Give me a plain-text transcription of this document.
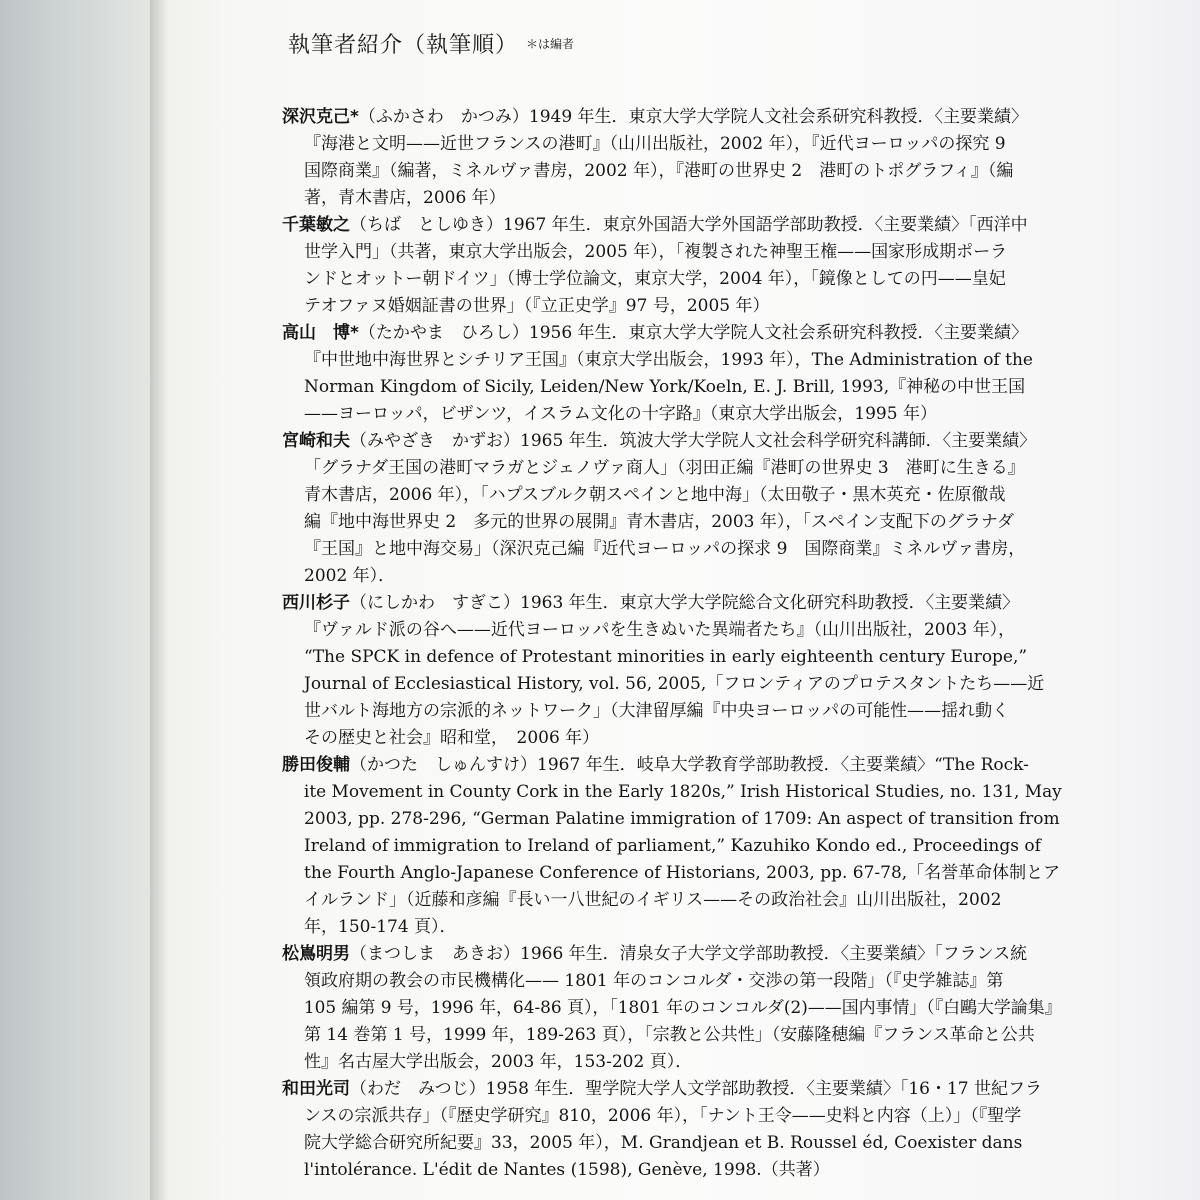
執筆者紹介（執筆順） ＊は編者
深沢克己*（ふかさわ　かつみ）1949 年生．東京大学大学院人文社会系研究科教授．〈主要業績〉
『海港と文明——近世フランスの港町』（山川出版社，2002 年），『近代ヨーロッパの探究 9
国際商業』（編著，ミネルヴァ書房，2002 年），『港町の世界史 2　港町のトポグラフィ』（編
著，青木書店，2006 年）
千葉敏之（ちば　としゆき）1967 年生．東京外国語大学外国語学部助教授．〈主要業績〉「西洋中
世学入門」（共著，東京大学出版会，2005 年），「複製された神聖王権——国家形成期ポーラ
ンドとオットー朝ドイツ」（博士学位論文，東京大学，2004 年），「鏡像としての円——皇妃
テオファヌ婚姻証書の世界」（『立正史学』97 号，2005 年）
高山　博*（たかやま　ひろし）1956 年生．東京大学大学院人文社会系研究科教授．〈主要業績〉
『中世地中海世界とシチリア王国』（東京大学出版会，1993 年），The Administration of the
Norman Kingdom of Sicily, Leiden/New York/Koeln, E. J. Brill, 1993,『神秘の中世王国
——ヨーロッパ，ビザンツ，イスラム文化の十字路』（東京大学出版会，1995 年）
宮崎和夫（みやざき　かずお）1965 年生．筑波大学大学院人文社会科学研究科講師．〈主要業績〉
「グラナダ王国の港町マラガとジェノヴァ商人」（羽田正編『港町の世界史 3　港町に生きる』
青木書店，2006 年），「ハプスブルク朝スペインと地中海」（太田敬子・黒木英充・佐原徹哉
編『地中海世界史 2　多元的世界の展開』青木書店，2003 年），「スペイン支配下のグラナダ
『王国』と地中海交易」（深沢克己編『近代ヨーロッパの探求 9　国際商業』ミネルヴァ書房，
2002 年）．
西川杉子（にしかわ　すぎこ）1963 年生．東京大学大学院総合文化研究科助教授．〈主要業績〉
『ヴァルド派の谷へ——近代ヨーロッパを生きぬいた異端者たち』（山川出版社，2003 年），
“The SPCK in defence of Protestant minorities in early eighteenth century Europe,”
Journal of Ecclesiastical History, vol. 56, 2005,「フロンティアのプロテスタントたち——近
世バルト海地方の宗派的ネットワーク」（大津留厚編『中央ヨーロッパの可能性——揺れ動く
その歴史と社会』昭和堂，　2006 年）
勝田俊輔（かつた　しゅんすけ）1967 年生．岐阜大学教育学部助教授．〈主要業績〉“The Rock-
ite Movement in County Cork in the Early 1820s,” Irish Historical Studies, no. 131, May
2003, pp. 278-296, “German Palatine immigration of 1709: An aspect of transition from
Ireland of immigration to Ireland of parliament,” Kazuhiko Kondo ed., Proceedings of
the Fourth Anglo-Japanese Conference of Historians, 2003, pp. 67-78,「名誉革命体制とア
イルランド」（近藤和彦編『長い一八世紀のイギリス——その政治社会』山川出版社，2002
年，150-174 頁）．
松嶌明男（まつしま　あきお）1966 年生．清泉女子大学文学部助教授．〈主要業績〉「フランス統
領政府期の教会の市民機構化—— 1801 年のコンコルダ・交渉の第一段階」（『史学雑誌』第
105 編第 9 号，1996 年，64-86 頁），「1801 年のコンコルダ(2)——国内事情」（『白鷗大学論集』
第 14 巻第 1 号，1999 年，189-263 頁），「宗教と公共性」（安藤隆穂編『フランス革命と公共
性』名古屋大学出版会，2003 年，153-202 頁）．
和田光司（わだ　みつじ）1958 年生．聖学院大学人文学部助教授．〈主要業績〉「16・17 世紀フラ
ンスの宗派共存」（『歴史学研究』810，2006 年），「ナント王令——史料と内容（上）」（『聖学
院大学総合研究所紀要』33，2005 年），M. Grandjean et B. Roussel éd, Coexister dans
l'intolérance. L'édit de Nantes (1598), Genève, 1998.（共著）
